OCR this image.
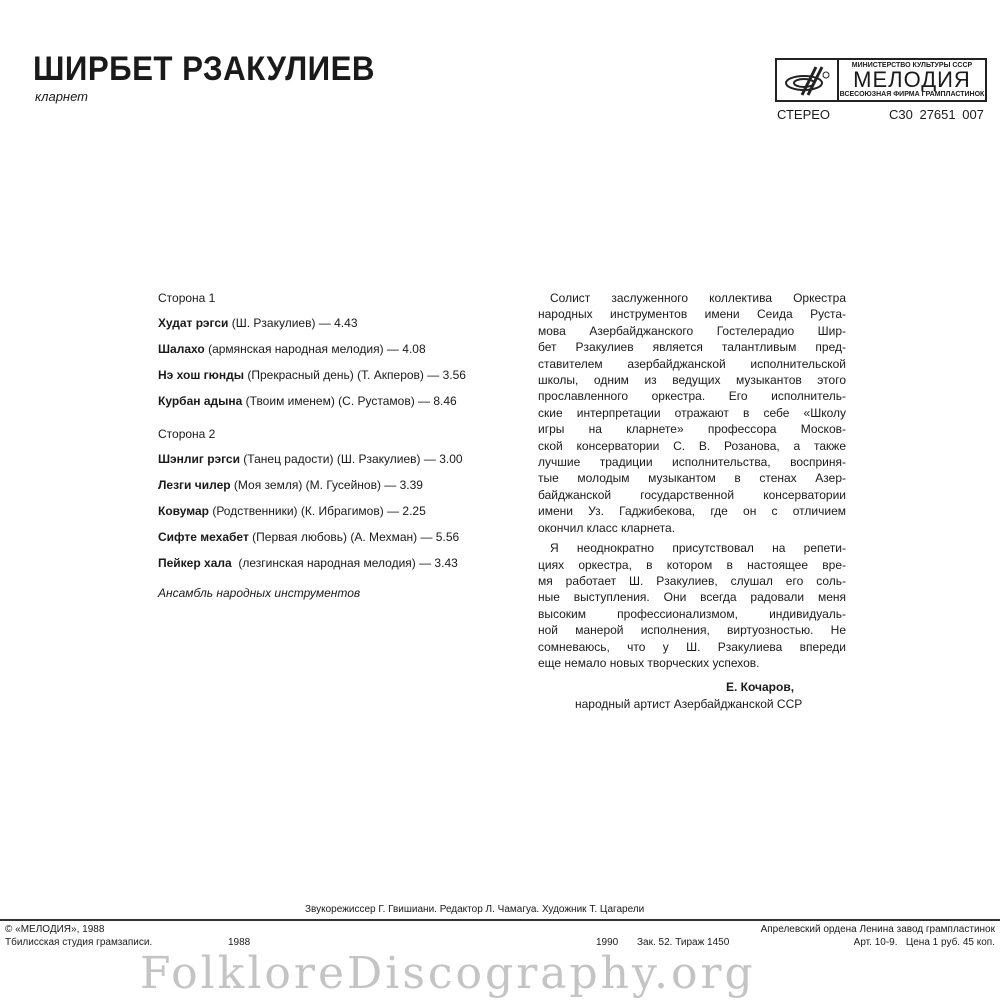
ШИРБЕТ РЗАКУЛИЕВ
кларнет
МИНИСТЕРСТВО КУЛЬТУРЫ СССР
МЕЛОДИЯ
ВСЕСОЮЗНАЯ ФИРМА ГРАМПЛАСТИНОК
СТЕРЕО	С30 27651 007
Сторона 1
Худат рэгси (Ш. Рзакулиев) — 4.43
Шалахо (армянская народная мелодия) — 4.08
Нэ хош гюнды (Прекрасный день) (Т. Акперов) — 3.56
Курбан адына (Твоим именем) (С. Рустамов) — 8.46
Сторона 2
Шэнлиг рэгси (Танец радости) (Ш. Рзакулиев) — 3.00
Лезги чилер (Моя земля) (М. Гусейнов) — 3.39
Ковумар (Родственники) (К. Ибрагимов) — 2.25
Сифте мехабет (Первая любовь) (А. Мехман) — 5.56
Пейкер хала  (лезгинская народная мелодия) — 3.43
Ансамбль народных инструментов
Солист заслуженного коллектива Оркестра
народных инструментов имени Сеида Руста-
мова Азербайджанского Гостелерадио Шир-
бет Рзакулиев является талантливым пред-
ставителем азербайджанской исполнительской
школы, одним из ведущих музыкантов этого
прославленного оркестра. Его исполнитель-
ские интерпретации отражают в себе «Школу
игры на кларнете» профессора Москов-
ской консерватории С. В. Розанова, а также
лучшие традиции исполнительства, восприня-
тые молодым музыкантом в стенах Азер-
байджанской государственной консерватории
имени Уз. Гаджибекова, где он с отличием
окончил класс кларнета.
Я неоднократно присутствовал на репети-
циях оркестра, в котором в настоящее вре-
мя работает Ш. Рзакулиев, слушал его соль-
ные выступления. Они всегда радовали меня
высоким профессионализмом, индивидуаль-
ной манерой исполнения, виртуозностью. Не
сомневаюсь, что у Ш. Рзакулиева впереди
еще немало новых творческих успехов.
Е. Кочаров,
народный артист Азербайджанской ССР
Звукорежиссер Г. Гвишиани. Редактор Л. Чамагуа. Художник Т. Цагарели
© «МЕЛОДИЯ», 1988
Тбилисская студия грамзаписи.	1988	1990 Зак. 52. Тираж 1450
Апрелевский ордена Ленина завод грампластинок
Арт. 10-9.   Цена 1 руб. 45 коп.
FolkloreDiscography.org
